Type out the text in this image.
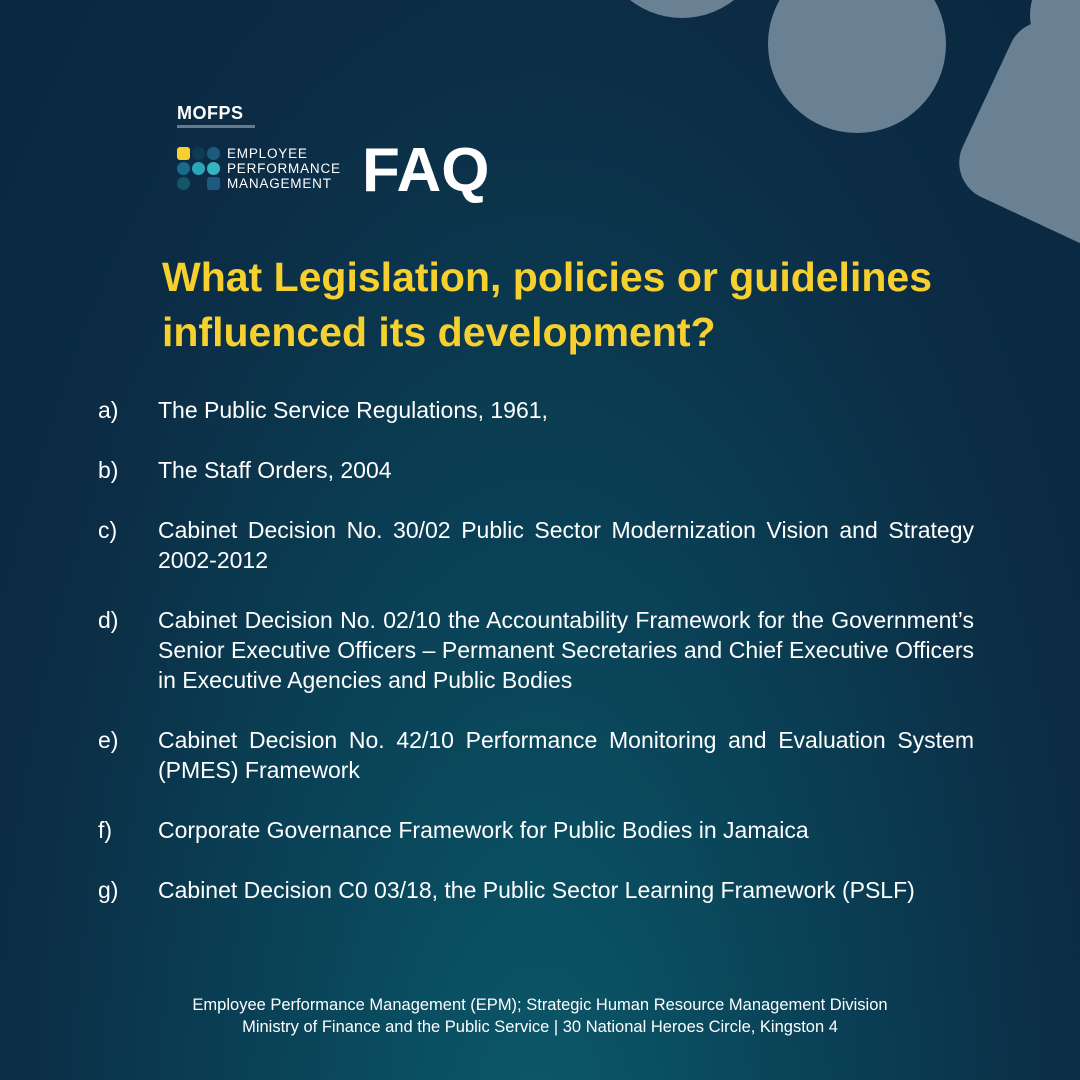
MOFPS
EMPLOYEE
PERFORMANCE
MANAGEMENT FAQ
What Legislation, policies or guidelines influenced its development?
a)	The Public Service Regulations, 1961,
b)	The Staff Orders, 2004
c)	Cabinet Decision No. 30/02 Public Sector Modernization Vision and Strategy 2002-2012
d)	Cabinet Decision No. 02/10 the Accountability Framework for the Government’s Senior Executive Officers – Permanent Secretaries and Chief Executive Officers in Executive Agencies and Public Bodies
e)	Cabinet Decision No. 42/10 Performance Monitoring and Evaluation System (PMES) Framework
f)	Corporate Governance Framework for Public Bodies in Jamaica
g)	Cabinet Decision C0 03/18, the Public Sector Learning Framework (PSLF)
Employee Performance Management (EPM); Strategic Human Resource Management Division
Ministry of Finance and the Public Service | 30 National Heroes Circle, Kingston 4
